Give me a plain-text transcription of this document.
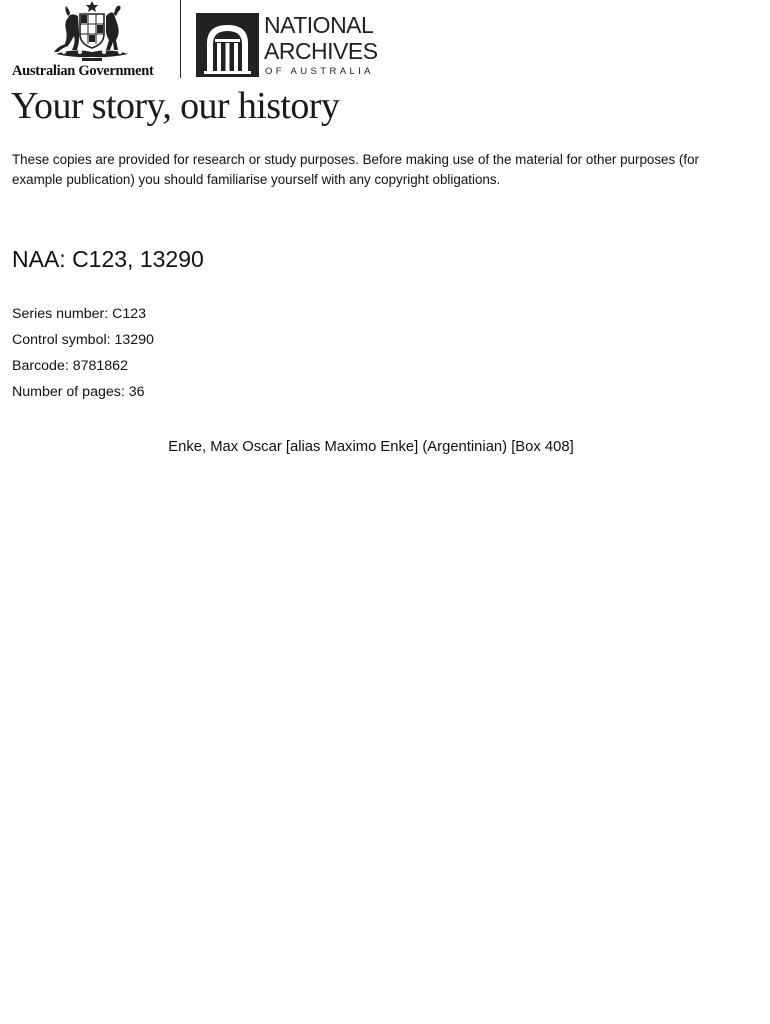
Australian Government
NATIONAL
ARCHIVES
OF AUSTRALIA
Your story, our history

These copies are provided for research or study purposes. Before making use of the material for other purposes (for example publication) you should familiarise yourself with any copyright obligations.

NAA: C123, 13290
Series number: C123
Control symbol: 13290
Barcode: 8781862
Number of pages: 36
Enke, Max Oscar [alias Maximo Enke] (Argentinian) [Box 408]
